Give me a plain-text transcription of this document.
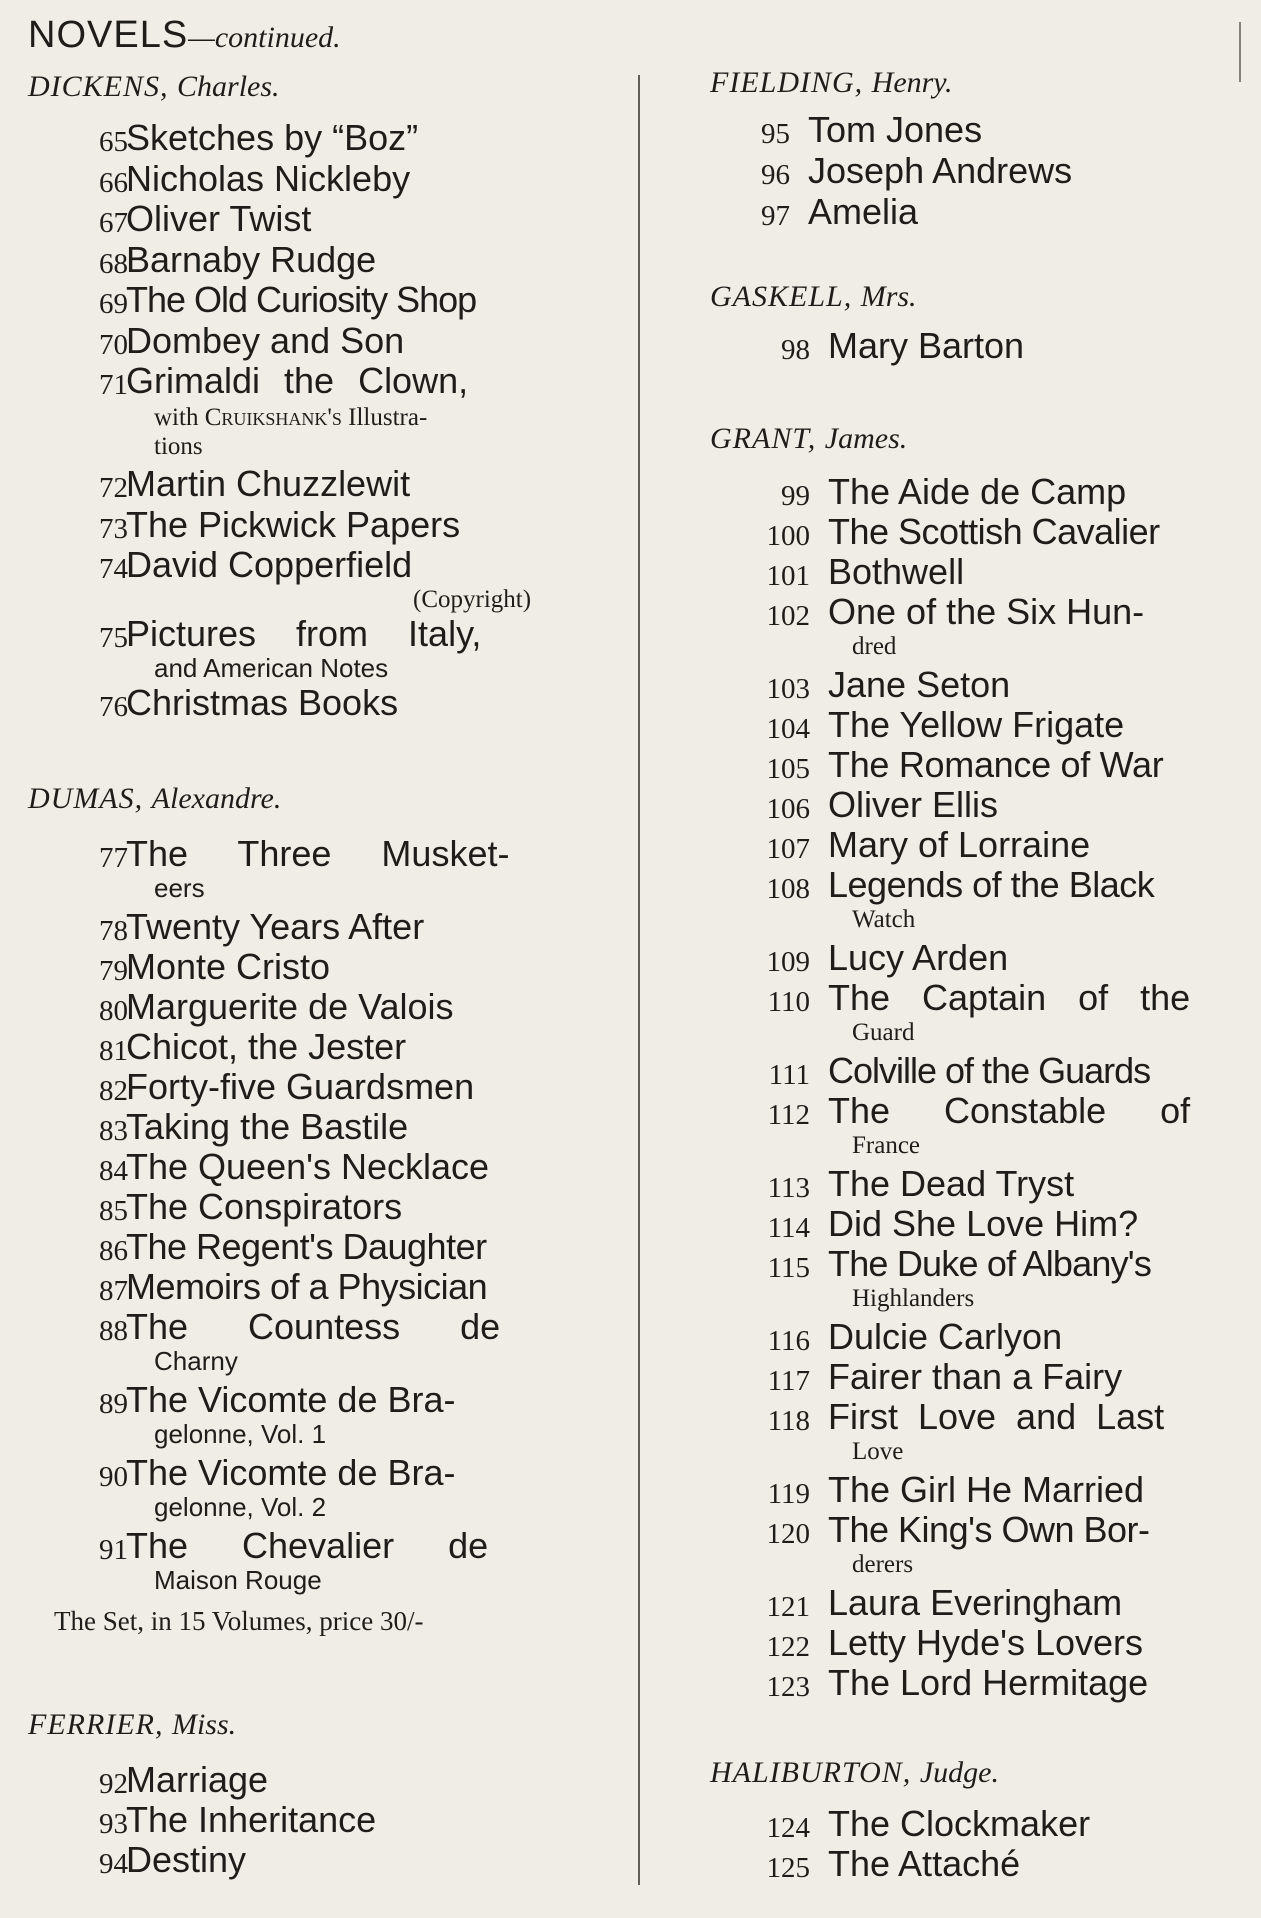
NOVELS—continued.
DICKENS, Charles.
65
Sketches by “Boz”
66
Nicholas Nickleby
67
Oliver Twist
68
Barnaby Rudge
69
The Old Curiosity Shop
70
Dombey and Son
71
Grimaldi the Clown,
with Cruikshank's Illustra-
tions
72
Martin Chuzzlewit
73
The Pickwick Papers
74
David Copperfield
(Copyright)
75
Pictures from Italy,
and American Notes
76
Christmas Books
DUMAS, Alexandre.
77
The Three Musket-
eers
78
Twenty Years After
79
Monte Cristo
80
Marguerite de Valois
81
Chicot, the Jester
82
Forty-five Guardsmen
83
Taking the Bastile
84
The Queen's Necklace
85
The Conspirators
86
The Regent's Daughter
87
Memoirs of a Physician
88
The Countess de
Charny
89
The Vicomte de Bra-
gelonne, Vol. 1
90
The Vicomte de Bra-
gelonne, Vol. 2
91
The Chevalier de
Maison Rouge
The Set, in 15 Volumes, price 30/-
FERRIER, Miss.
92
Marriage
93
The Inheritance
94
Destiny
FIELDING, Henry.
95 Tom Jones
96 Joseph Andrews
97 Amelia
GASKELL, Mrs.
98 Mary Barton
GRANT, James.
99 The Aide de Camp
100 The Scottish Cavalier
101 Bothwell
102 One of the Six Hun-
dred
103 Jane Seton
104 The Yellow Frigate
105 The Romance of War
106 Oliver Ellis
107 Mary of Lorraine
108 Legends of the Black
Watch
109 Lucy Arden
110 The Captain of the
Guard
111 Colville of the Guards
112 The Constable of
France
113 The Dead Tryst
114 Did She Love Him?
115 The Duke of Albany's
Highlanders
116 Dulcie Carlyon
117 Fairer than a Fairy
118 First Love and Last
Love
119 The Girl He Married
120 The King's Own Bor-
derers
121 Laura Everingham
122 Letty Hyde's Lovers
123 The Lord Hermitage
HALIBURTON, Judge.
124 The Clockmaker
125 The Attaché
